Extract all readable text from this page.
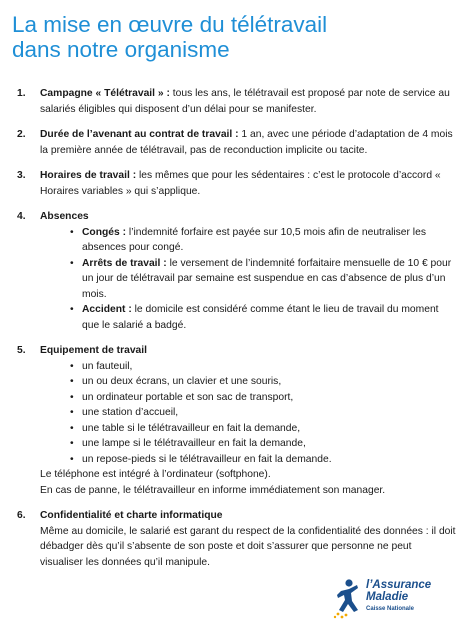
La mise en œuvre du télétravail
dans notre organisme
1. Campagne « Télétravail » : tous les ans, le télétravail est proposé par note de service au salariés éligibles qui disposent d’un délai pour se manifester.
2. Durée de l’avenant au contrat de travail : 1 an, avec une période d’adaptation de 4 mois la première année de télétravail, pas de reconduction implicite ou tacite.
3. Horaires de travail : les mêmes que pour les sédentaires : c’est le protocole d’accord « Horaires variables » qui s’applique.
4. Absences
• Congés : l’indemnité forfaire est payée sur 10,5 mois afin de neutraliser les absences pour congé.
• Arrêts de travail : le versement de l’indemnité forfaitaire mensuelle de 10 € pour un jour de télétravail par semaine est suspendue en cas d’absence de plus d’un mois.
• Accident : le domicile est considéré comme étant le lieu de travail du moment que le salarié a badgé.
5. Equipement de travail
• un fauteuil,
• un ou deux écrans, un clavier et une souris,
• un ordinateur portable et son sac de transport,
• une station d’accueil,
• une table si le télétravailleur en fait la demande,
• une lampe si le télétravailleur en fait la demande,
• un repose-pieds si le télétravailleur en fait la demande.

Le téléphone est intégré à l’ordinateur (softphone).

En cas de panne, le télétravailleur en informe immédiatement son manager.

6. Confidentialité et charte informatique

Même au domicile, le salarié est garant du respect de la confidentialité des données : il doit débadger dès qu’il s’absente de son poste et doit s’assurer que personne ne peut visualiser les données qu’il manipule.

l’Assurance
Maladie
Caisse Nationale
